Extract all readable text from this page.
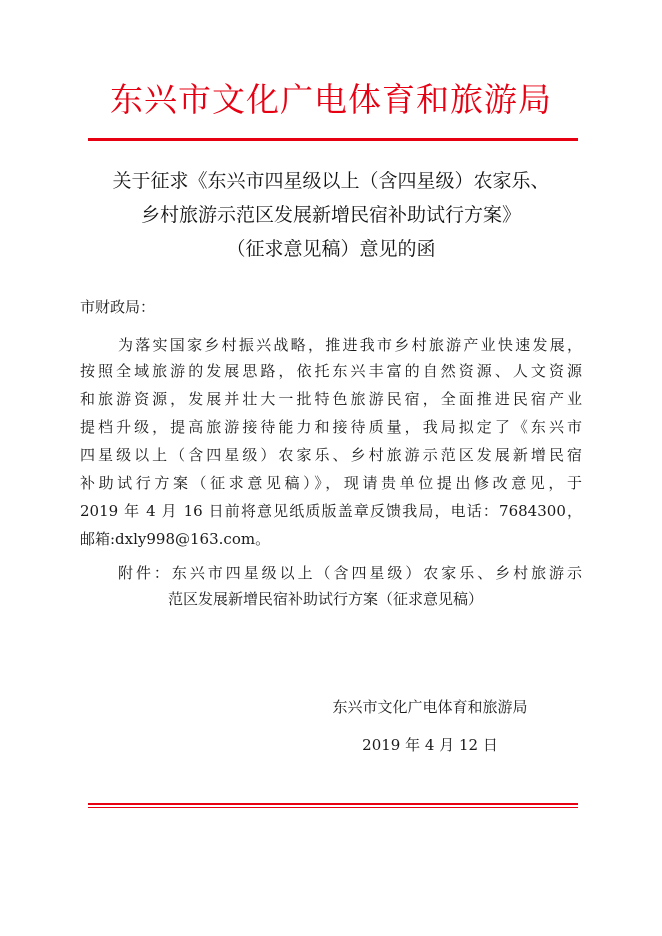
东兴市文化广电体育和旅游局
关于征求《东兴市四星级以上（含四星级）农家乐、
乡村旅游示范区发展新增民宿补助试行方案》
（征求意见稿）意见的函
市财政局：
为落实国家乡村振兴战略，推进我市乡村旅游产业快速发展，
按照全域旅游的发展思路，依托东兴丰富的自然资源、人文资源
和旅游资源，发展并壮大一批特色旅游民宿，全面推进民宿产业
提档升级，提高旅游接待能力和接待质量，我局拟定了《东兴市
四星级以上（含四星级）农家乐、乡村旅游示范区发展新增民宿
补助试行方案（征求意见稿）》，现请贵单位提出修改意见，于
2019 年 4 月 16 日前将意见纸质版盖章反馈我局，电话：7684300，
邮箱:dxly998@163.com。
附件：东兴市四星级以上（含四星级）农家乐、乡村旅游示
范区发展新增民宿补助试行方案（征求意见稿）
东兴市文化广电体育和旅游局
2019 年 4 月 12 日
